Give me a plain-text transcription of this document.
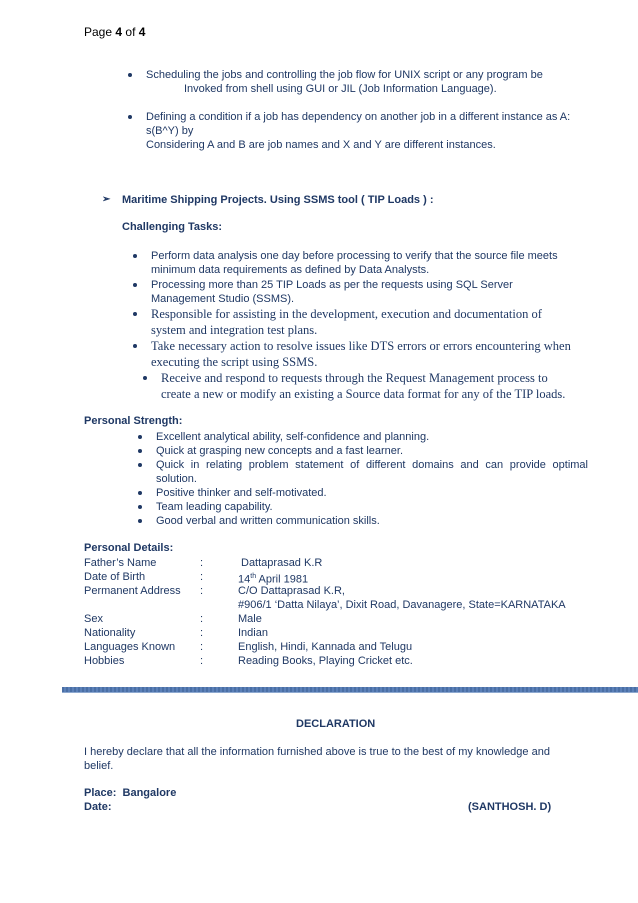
Page 4 of 4
Scheduling the jobs and controlling the job flow for UNIX script or any program be
Invoked from shell using GUI or JIL (Job Information Language).
Defining a condition if a job has dependency on another job in a different instance as A:
s(B^Y) by
Considering A and B are job names and X and Y are different instances.
➢ Maritime Shipping Projects. Using SSMS tool ( TIP Loads ) :
Challenging Tasks:
Perform data analysis one day before processing to verify that the source file meets
minimum data requirements as defined by Data Analysts.
Processing more than 25 TIP Loads as per the requests using SQL Server
Management Studio (SSMS).
Responsible for assisting in the development, execution and documentation of
system and integration test plans.
Take necessary action to resolve issues like DTS errors or errors encountering when
executing the script using SSMS.
Receive and respond to requests through the Request Management process to
create a new or modify an existing a Source data format for any of the TIP loads.
Personal Strength:
Excellent analytical ability, self-confidence and planning.
Quick at grasping new concepts and a fast learner.
Quick in relating problem statement of different domains and can provide optimal
solution.
Positive thinker and self-motivated.
Team leading capability.
Good verbal and written communication skills.
Personal Details:
Father’s Name	:	Dattaprasad K.R
Date of Birth	:	14th April 1981
Permanent Address :	C/O Dattaprasad K.R,
#906/1 ‘Datta Nilaya’, Dixit Road, Davanagere, State=KARNATAKA
Sex	:	Male
Nationality	:	Indian
Languages Known :	English, Hindi, Kannada and Telugu
Hobbies	:	Reading Books, Playing Cricket etc.
DECLARATION
I hereby declare that all the information furnished above is true to the best of my knowledge and
belief.
Place:  Bangalore
Date:	(SANTHOSH. D)
